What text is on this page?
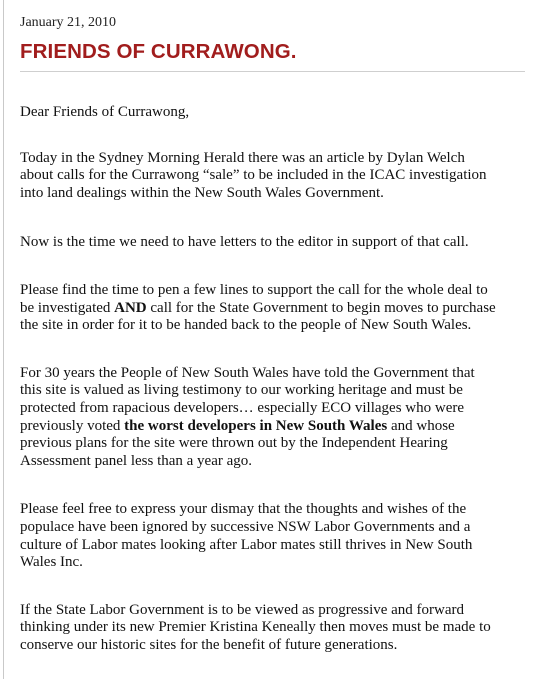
January 21, 2010
FRIENDS OF CURRAWONG.

Dear Friends of Currawong,

Today in the Sydney Morning Herald there was an article by Dylan Welch
about calls for the Currawong “sale” to be included in the ICAC investigation
into land dealings within the New South Wales Government.

Now is the time we need to have letters to the editor in support of that call.

Please find the time to pen a few lines to support the call for the whole deal to
be investigated AND call for the State Government to begin moves to purchase
the site in order for it to be handed back to the people of New South Wales.

For 30 years the People of New South Wales have told the Government that
this site is valued as living testimony to our working heritage and must be
protected from rapacious developers… especially ECO villages who were
previously voted the worst developers in New South Wales and whose
previous plans for the site were thrown out by the Independent Hearing
Assessment panel less than a year ago.

Please feel free to express your dismay that the thoughts and wishes of the
populace have been ignored by successive NSW Labor Governments and a
culture of Labor mates looking after Labor mates still thrives in New South
Wales Inc.

If the State Labor Government is to be viewed as progressive and forward
thinking under its new Premier Kristina Keneally then moves must be made to
conserve our historic sites for the benefit of future generations.
